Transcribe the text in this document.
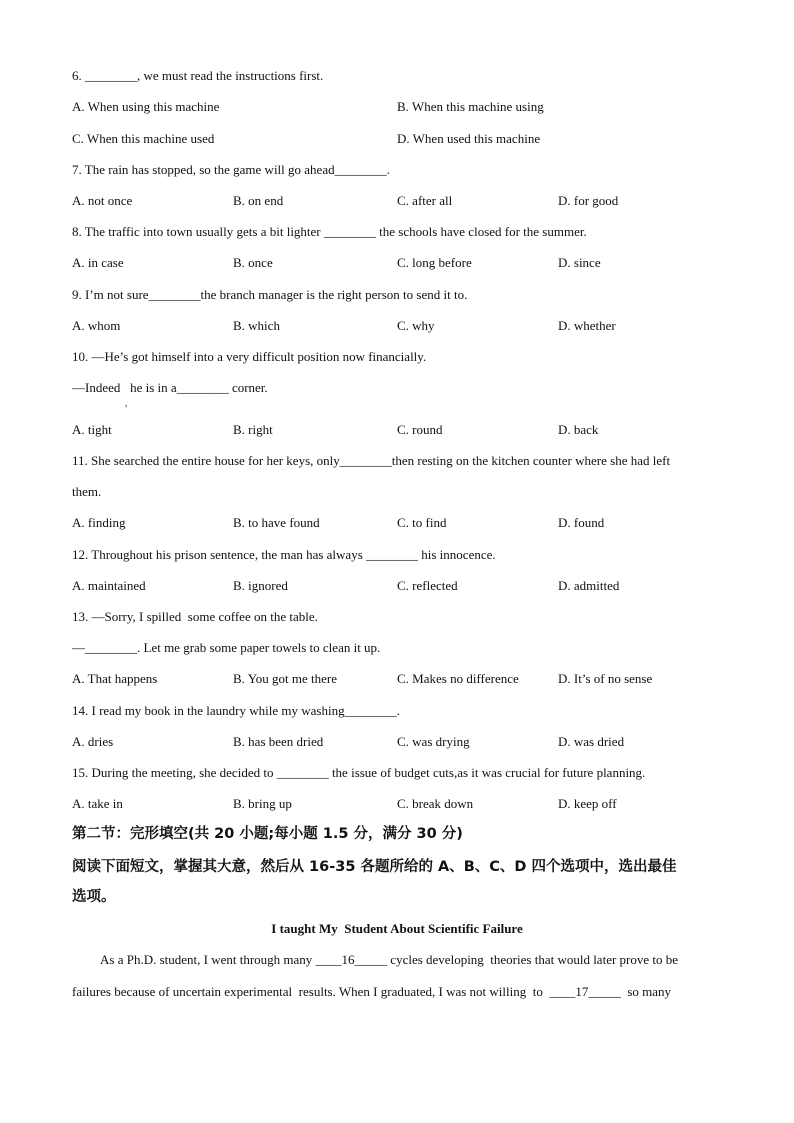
6. ________, we must read the instructions first.
A. When using this machine	B. When this machine using
C. When this machine used	D. When used this machine
7. The rain has stopped, so the game will go ahead________.
A. not once	B. on end	C. after all	D. for good
8. The traffic into town usually gets a bit lighter ________ the schools have closed for the summer.
A. in case	B. once	C. long before	D. since
9. I’m not sure________the branch manager is the right person to send it to.
A. whom	B. which	C. why	D. whether
10. —He’s got himself into a very difficult position now financially.
—Indeed   he is in a________ corner.
,
A. tight	B. right	C. round	D. back
11. She searched the entire house for her keys, only________then resting on the kitchen counter where she had left
them.
A. finding	B. to have found	C. to find	D. found
12. Throughout his prison sentence, the man has always ________ his innocence.
A. maintained	B. ignored	C. reflected	D. admitted
13. —Sorry, I spilled  some coffee on the table.
—________. Let me grab some paper towels to clean it up.
A. That happens	B. You got me there	C. Makes no difference	D. It’s of no sense
14. I read my book in the laundry while my washing________.
A. dries	B. has been dried	C. was drying	D. was dried
15. During the meeting, she decided to ________ the issue of budget cuts,as it was crucial for future planning.
A. take in	B. bring up	C. break down	D. keep off
第二节：完形填空(共 20 小题;每小题 1.5 分，满分 30 分)
阅读下面短文，掌握其大意，然后从 16-35 各题所给的 A、B、C、D 四个选项中，选出最佳
选项。
I taught My  Student About Scientific Failure
As a Ph.D. student, I went through many ____16_____ cycles developing  theories that would later prove to be
failures because of uncertain experimental  results. When I graduated, I was not willing  to  ____17_____  so many
